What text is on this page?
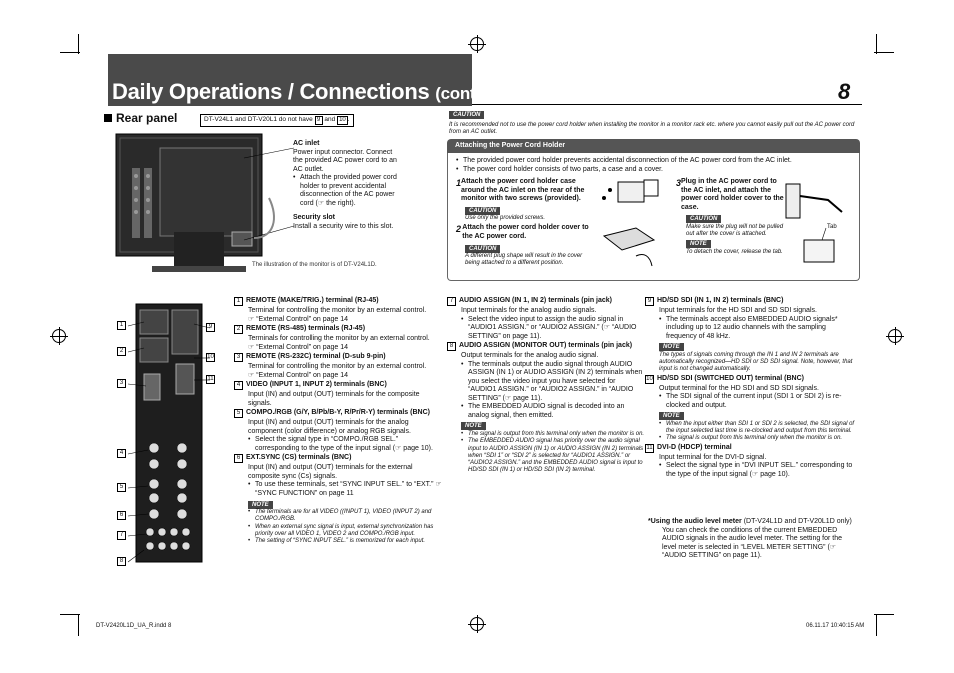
Daily Operations / Connections (cont.)	8
Rear panel	DT-V24L1 and DT-V20L1 do not have 9 and 10 .
AC inlet
Power input connector. Connect the provided AC power cord to an AC outlet.
• Attach the provided power cord holder to prevent accidental disconnection of the AC power cord (☞ the right).
Security slot
Install a security wire to this slot.
The illustration of the monitor is of DT-V24L1D.
1
2
3
4
5
6
7
8
9
10
11
CAUTION
It is recommended not to use the power cord holder when installing the monitor in a monitor rack etc. where you cannot easily pull out the AC power cord from an AC outlet.
Attaching the Power Cord Holder
• The provided power cord holder prevents accidental disconnection of the AC power cord from the AC inlet.
• The power cord holder consists of two parts, a case and a cover.
1 Attach the power cord holder case around the AC inlet on the rear of the monitor with two screws (provided).
CAUTION
Use only the provided screws.
2 Attach the power cord holder cover to the AC power cord.
CAUTION
A different plug shape will result in the cover being attached to a different position.
3 Plug in the AC power cord to the AC inlet, and attach the power cord holder cover to the case.
CAUTION
Make sure the plug will not be pulled out after the cover is attached.
NOTE
To detach the cover, release the tab.
Tab
1 REMOTE (MAKE/TRIG.) terminal (RJ-45)
Terminal for controlling the monitor by an external control.
☞ “External Control” on page 14
2 REMOTE (RS-485) terminals (RJ-45)
Terminals for controlling the monitor by an external control.
☞ “External Control” on page 14
3 REMOTE (RS-232C) terminal (D-sub 9-pin)
Terminal for controlling the monitor by an external control.
☞ “External Control” on page 14
4 VIDEO (INPUT 1, INPUT 2) terminals (BNC)
Input (IN) and output (OUT) terminals for the composite signals.
5 COMPO./RGB (G/Y, B/Pb/B-Y, R/Pr/R-Y) terminals (BNC)
Input (IN) and output (OUT) terminals for the analog component (color difference) or analog RGB signals.
• Select the signal type in “COMPO./RGB SEL.” corresponding to the type of the input signal (☞ page 10).
6 EXT.SYNC (CS) terminals (BNC)
Input (IN) and output (OUT) terminals for the external composite sync (Cs) signals.
• To use these terminals, set “SYNC INPUT SEL.” to “EXT.” ☞ “SYNC FUNCTION” on page 11
NOTE
• The terminals are for all VIDEO ((INPUT 1), VIDEO (INPUT 2) and COMPO./RGB.
• When an external sync signal is input, external synchronization has priority over all VIDEO 1, VIDEO 2 and COMPO./RGB input.
• The setting of “SYNC INPUT SEL.” is memorized for each input.
7 AUDIO ASSIGN (IN 1, IN 2) terminals (pin jack)
Input terminals for the analog audio signals.
• Select the video input to assign the audio signal in “AUDIO1 ASSIGN.” or “AUDIO2 ASSIGN.” (☞ “AUDIO SETTING” on page 11).
8 AUDIO ASSIGN (MONITOR OUT) terminals (pin jack)
Output terminals for the analog audio signal.
• The terminals output the audio signal through AUDIO ASSIGN (IN 1) or AUDIO ASSIGN (IN 2) terminals when you select the video input you have selected for “AUDIO1 ASSIGN.” or “AUDIO2 ASSIGN.” in “AUDIO SETTING” (☞ page 11).
• The EMBEDDED AUDIO signal is decoded into an analog signal, then emitted.
NOTE
• The signal is output from this terminal only when the monitor is on.
• The EMBEDDED AUDIO signal has priority over the audio signal input to AUDIO ASSIGN (IN 1) or AUDIO ASSIGN (IN 2) terminals when “SDI 1” or “SDI 2” is selected for “AUDIO1 ASSIGN.” or “AUDIO2 ASSIGN.” and the EMBEDDED AUDIO signal is input to HD/SD SDI (IN 1) or HD/SD SDI (IN 2) terminal.
9 HD/SD SDI (IN 1, IN 2) terminals (BNC)
Input terminals for the HD SDI and SD SDI signals.
• The terminals accept also EMBEDDED AUDIO signals* including up to 12 audio channels with the sampling frequency of 48 kHz.
NOTE
The types of signals coming through the IN 1 and IN 2 terminals are automatically recognized—HD SDI or SD SDI signal. Note, however, that input is not changed automatically.
10 HD/SD SDI (SWITCHED OUT) terminal (BNC)
Output terminal for the HD SDI and SD SDI signals.
• The SDI signal of the current input (SDI 1 or SDI 2) is re-clocked and output.
NOTE
• When the input either than SDI 1 or SDI 2 is selected, the SDI signal of the input selected last time is re-clocked and output from this terminal.
• The signal is output from this terminal only when the monitor is on.
11 DVI-D (HDCP) terminal
Input terminal for the DVI-D signal.
• Select the signal type in “DVI INPUT SEL.” corresponding to the type of the input signal (☞ page 10).
*Using the audio level meter (DT-V24L1D and DT-V20L1D only)
You can check the conditions of the current EMBEDDED AUDIO signals in the audio level meter. The setting for the level meter is selected in “LEVEL METER SETTING” (☞ “AUDIO SETTING” on page 11).
DT-V2420L1D_UA_R.indd 8	06.11.17 10:40:15 AM
